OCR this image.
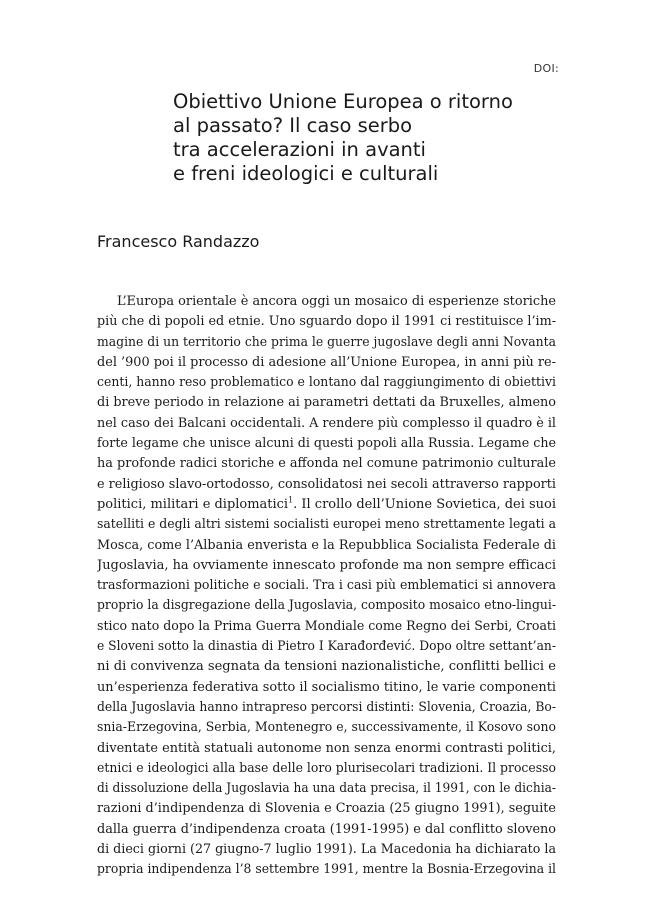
DOI:
Obiettivo Unione Europea o ritorno
al passato? Il caso serbo
tra accelerazioni in avanti
e freni ideologici e culturali
Francesco Randazzo
L’Europa orientale è ancora oggi un mosaico di esperienze storiche
più che di popoli ed etnie. Uno sguardo dopo il 1991 ci restituisce l’im-
magine di un territorio che prima le guerre jugoslave degli anni Novanta
del ’900 poi il processo di adesione all’Unione Europea, in anni più re-
centi, hanno reso problematico e lontano dal raggiungimento di obiettivi
di breve periodo in relazione ai parametri dettati da Bruxelles, almeno
nel caso dei Balcani occidentali. A rendere più complesso il quadro è il
forte legame che unisce alcuni di questi popoli alla Russia. Legame che
ha profonde radici storiche e affonda nel comune patrimonio culturale
e religioso slavo-ortodosso, consolidatosi nei secoli attraverso rapporti
politici, militari e diplomatici$^1$. Il crollo dell’Unione Sovietica, dei suoi
satelliti e degli altri sistemi socialisti europei meno strettamente legati a
Mosca, come l’Albania enverista e la Repubblica Socialista Federale di
Jugoslavia, ha ovviamente innescato profonde ma non sempre efficaci
trasformazioni politiche e sociali. Tra i casi più emblematici si annovera
proprio la disgregazione della Jugoslavia, composito mosaico etno-lingui-
stico nato dopo la Prima Guerra Mondiale come Regno dei Serbi, Croati
e Sloveni sotto la dinastia di Pietro I Karađorđević. Dopo oltre settant’an-
ni di convivenza segnata da tensioni nazionalistiche, conflitti bellici e
un’esperienza federativa sotto il socialismo titino, le varie componenti
della Jugoslavia hanno intrapreso percorsi distinti: Slovenia, Croazia, Bo-
snia-Erzegovina, Serbia, Montenegro e, successivamente, il Kosovo sono
diventate entità statuali autonome non senza enormi contrasti politici,
etnici e ideologici alla base delle loro plurisecolari tradizioni. Il processo
di dissoluzione della Jugoslavia ha una data precisa, il 1991, con le dichia-
razioni d’indipendenza di Slovenia e Croazia (25 giugno 1991), seguite
dalla guerra d’indipendenza croata (1991-1995) e dal conflitto sloveno
di dieci giorni (27 giugno-7 luglio 1991). La Macedonia ha dichiarato la
propria indipendenza l’8 settembre 1991, mentre la Bosnia-Erzegovina il
